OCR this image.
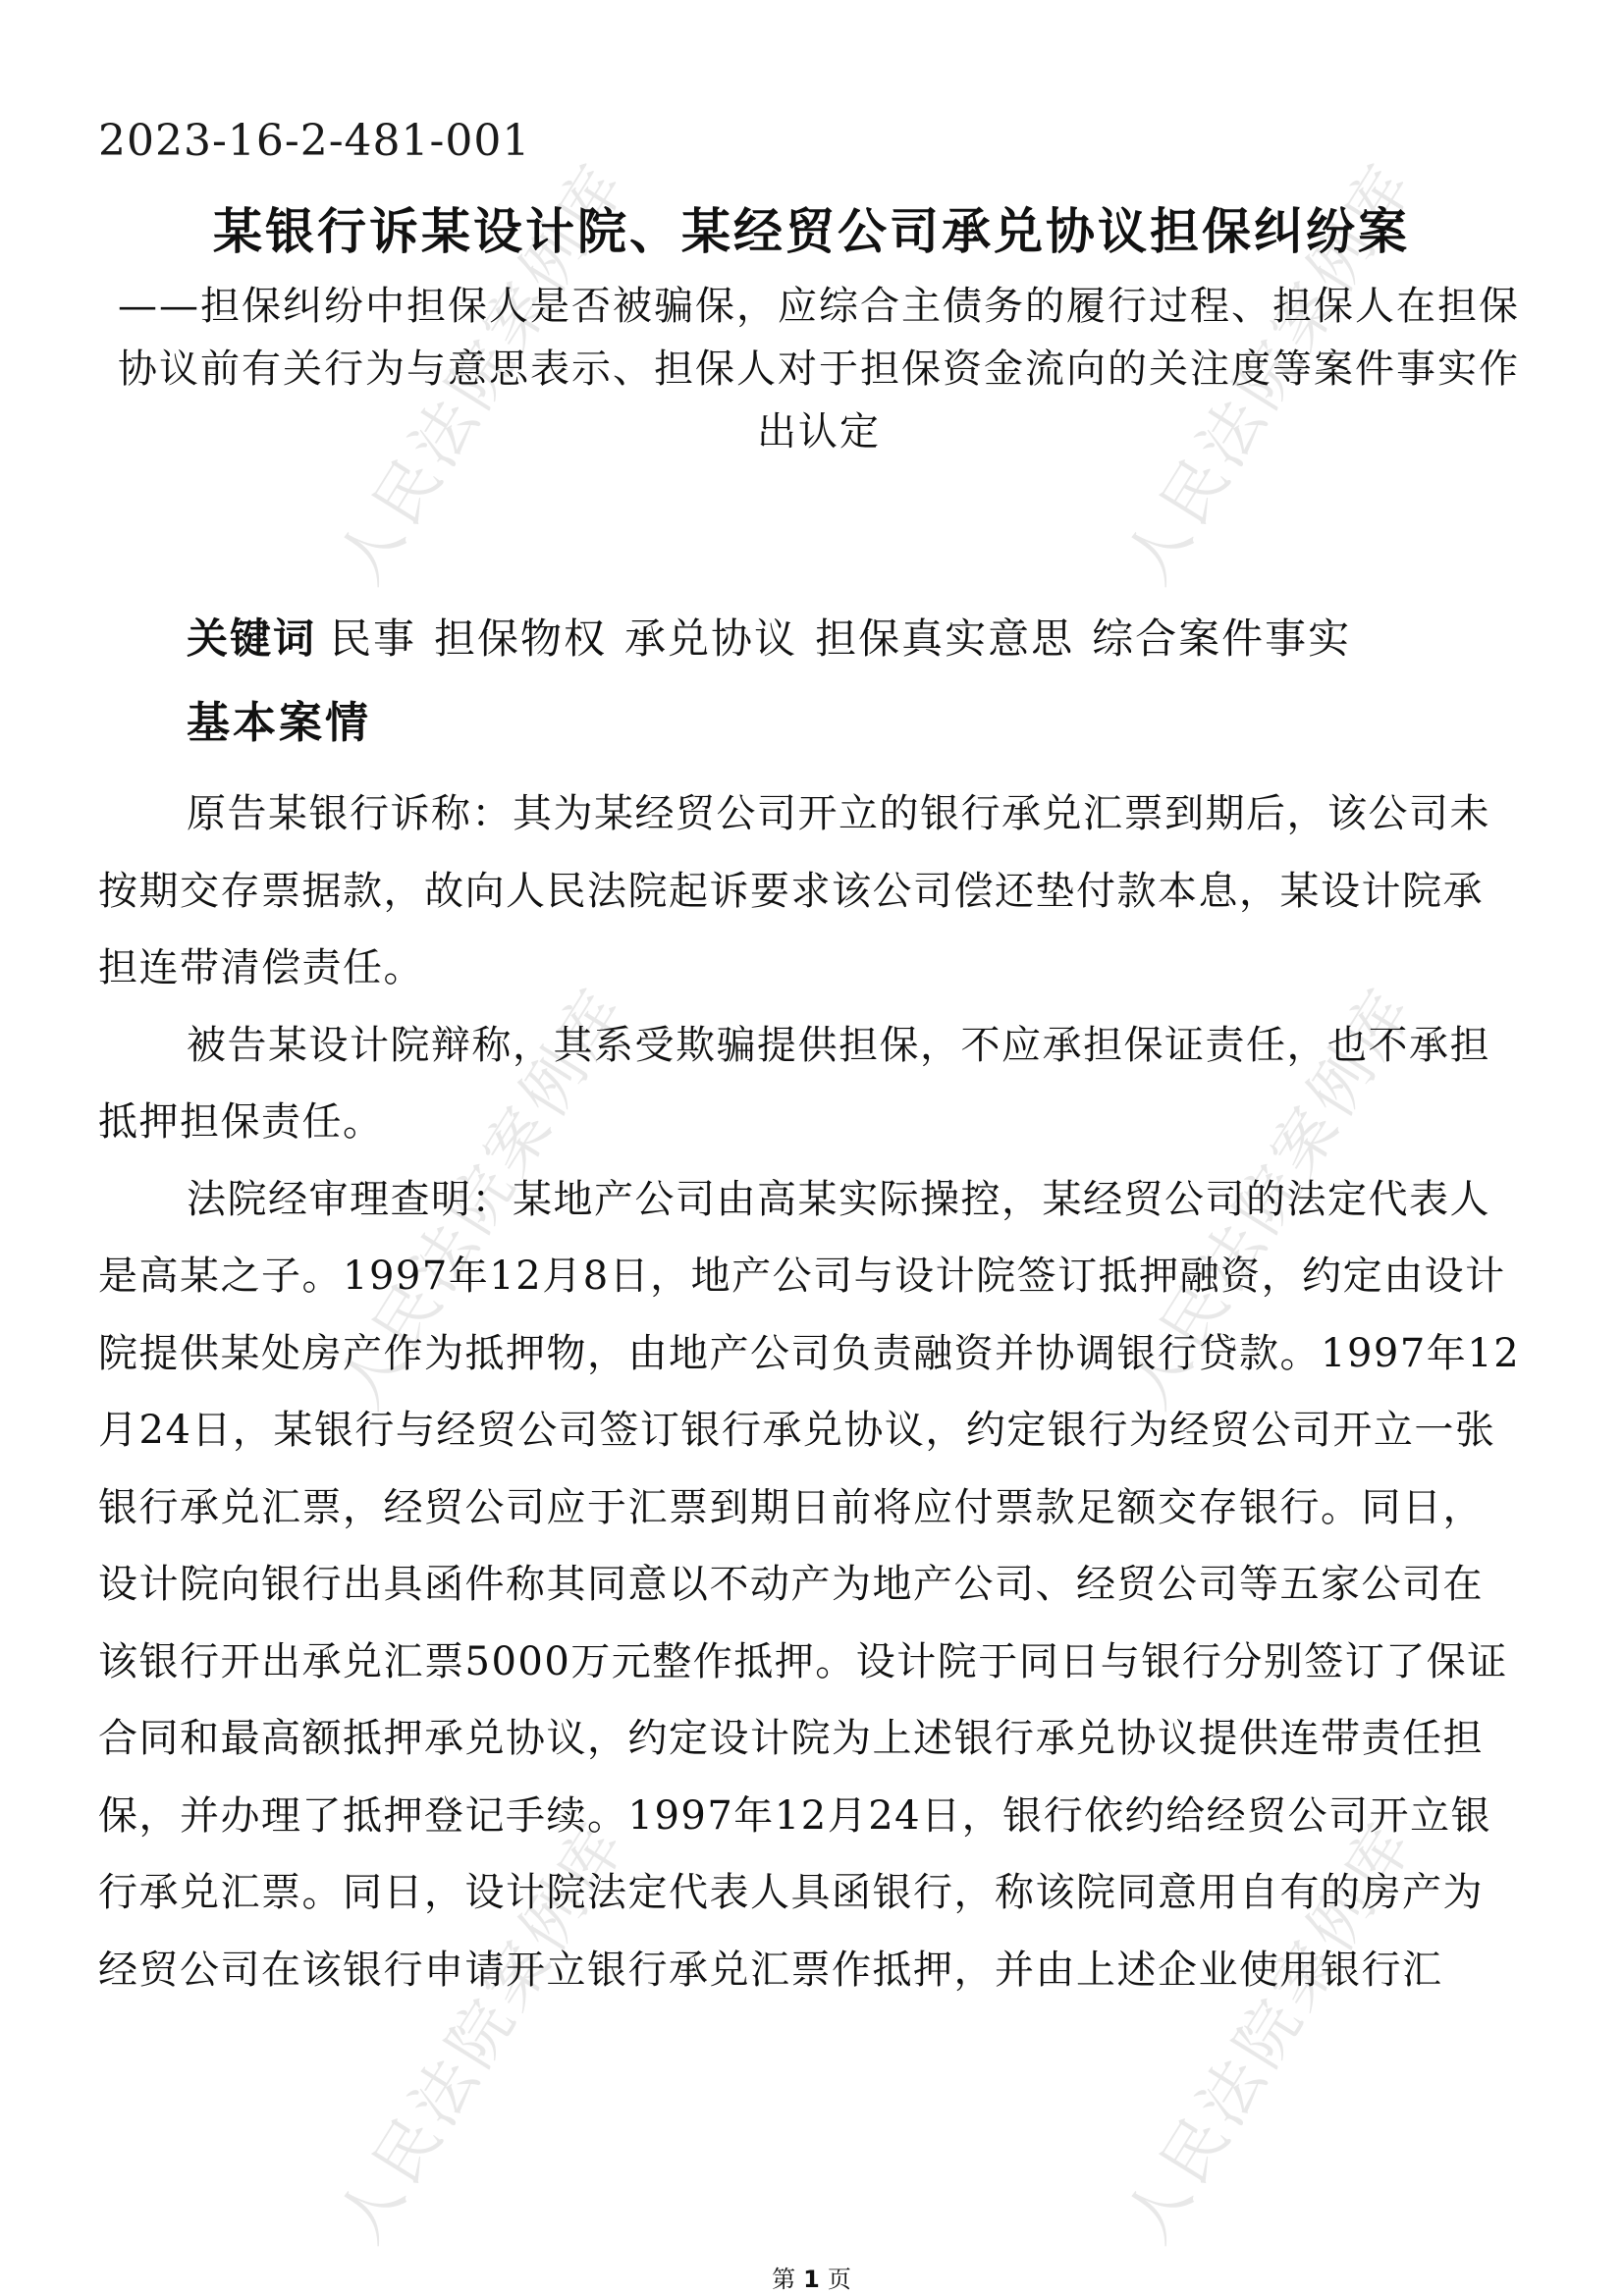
人民法院案例库	人民法院案例库
人民法院案例库	人民法院案例库
人民法院案例库	人民法院案例库
2023-16-2-481-001
某银行诉某设计院、某经贸公司承兑协议担保纠纷案
——担保纠纷中担保人是否被骗保，应综合主债务的履行过程、担保人在担保协议前有关行为与意思表示、担保人对于担保资金流向的关注度等案件事实作出认定
关键词 民事 担保物权 承兑协议 担保真实意思 综合案件事实
基本案情

原告某银行诉称：其为某经贸公司开立的银行承兑汇票到期后，该公司未按期交存票据款，故向人民法院起诉要求该公司偿还垫付款本息，某设计院承担连带清偿责任。

被告某设计院辩称，其系受欺骗提供担保，不应承担保证责任，也不承担抵押担保责任。

法院经审理查明：某地产公司由高某实际操控，某经贸公司的法定代表人是高某之子。1997年12月8日，地产公司与设计院签订抵押融资，约定由设计院提供某处房产作为抵押物，由地产公司负责融资并协调银行贷款。1997年12月24日，某银行与经贸公司签订银行承兑协议，约定银行为经贸公司开立一张银行承兑汇票，经贸公司应于汇票到期日前将应付票款足额交存银行。同日，设计院向银行出具函件称其同意以不动产为地产公司、经贸公司等五家公司在该银行开出承兑汇票5000万元整作抵押。设计院于同日与银行分别签订了保证合同和最高额抵押承兑协议，约定设计院为上述银行承兑协议提供连带责任担保，并办理了抵押登记手续。1997年12月24日，银行依约给经贸公司开立银行承兑汇票。同日，设计院法定代表人具函银行，称该院同意用自有的房产为经贸公司在该银行申请开立银行承兑汇票作抵押，并由上述企业使用银行汇

第 1 页
